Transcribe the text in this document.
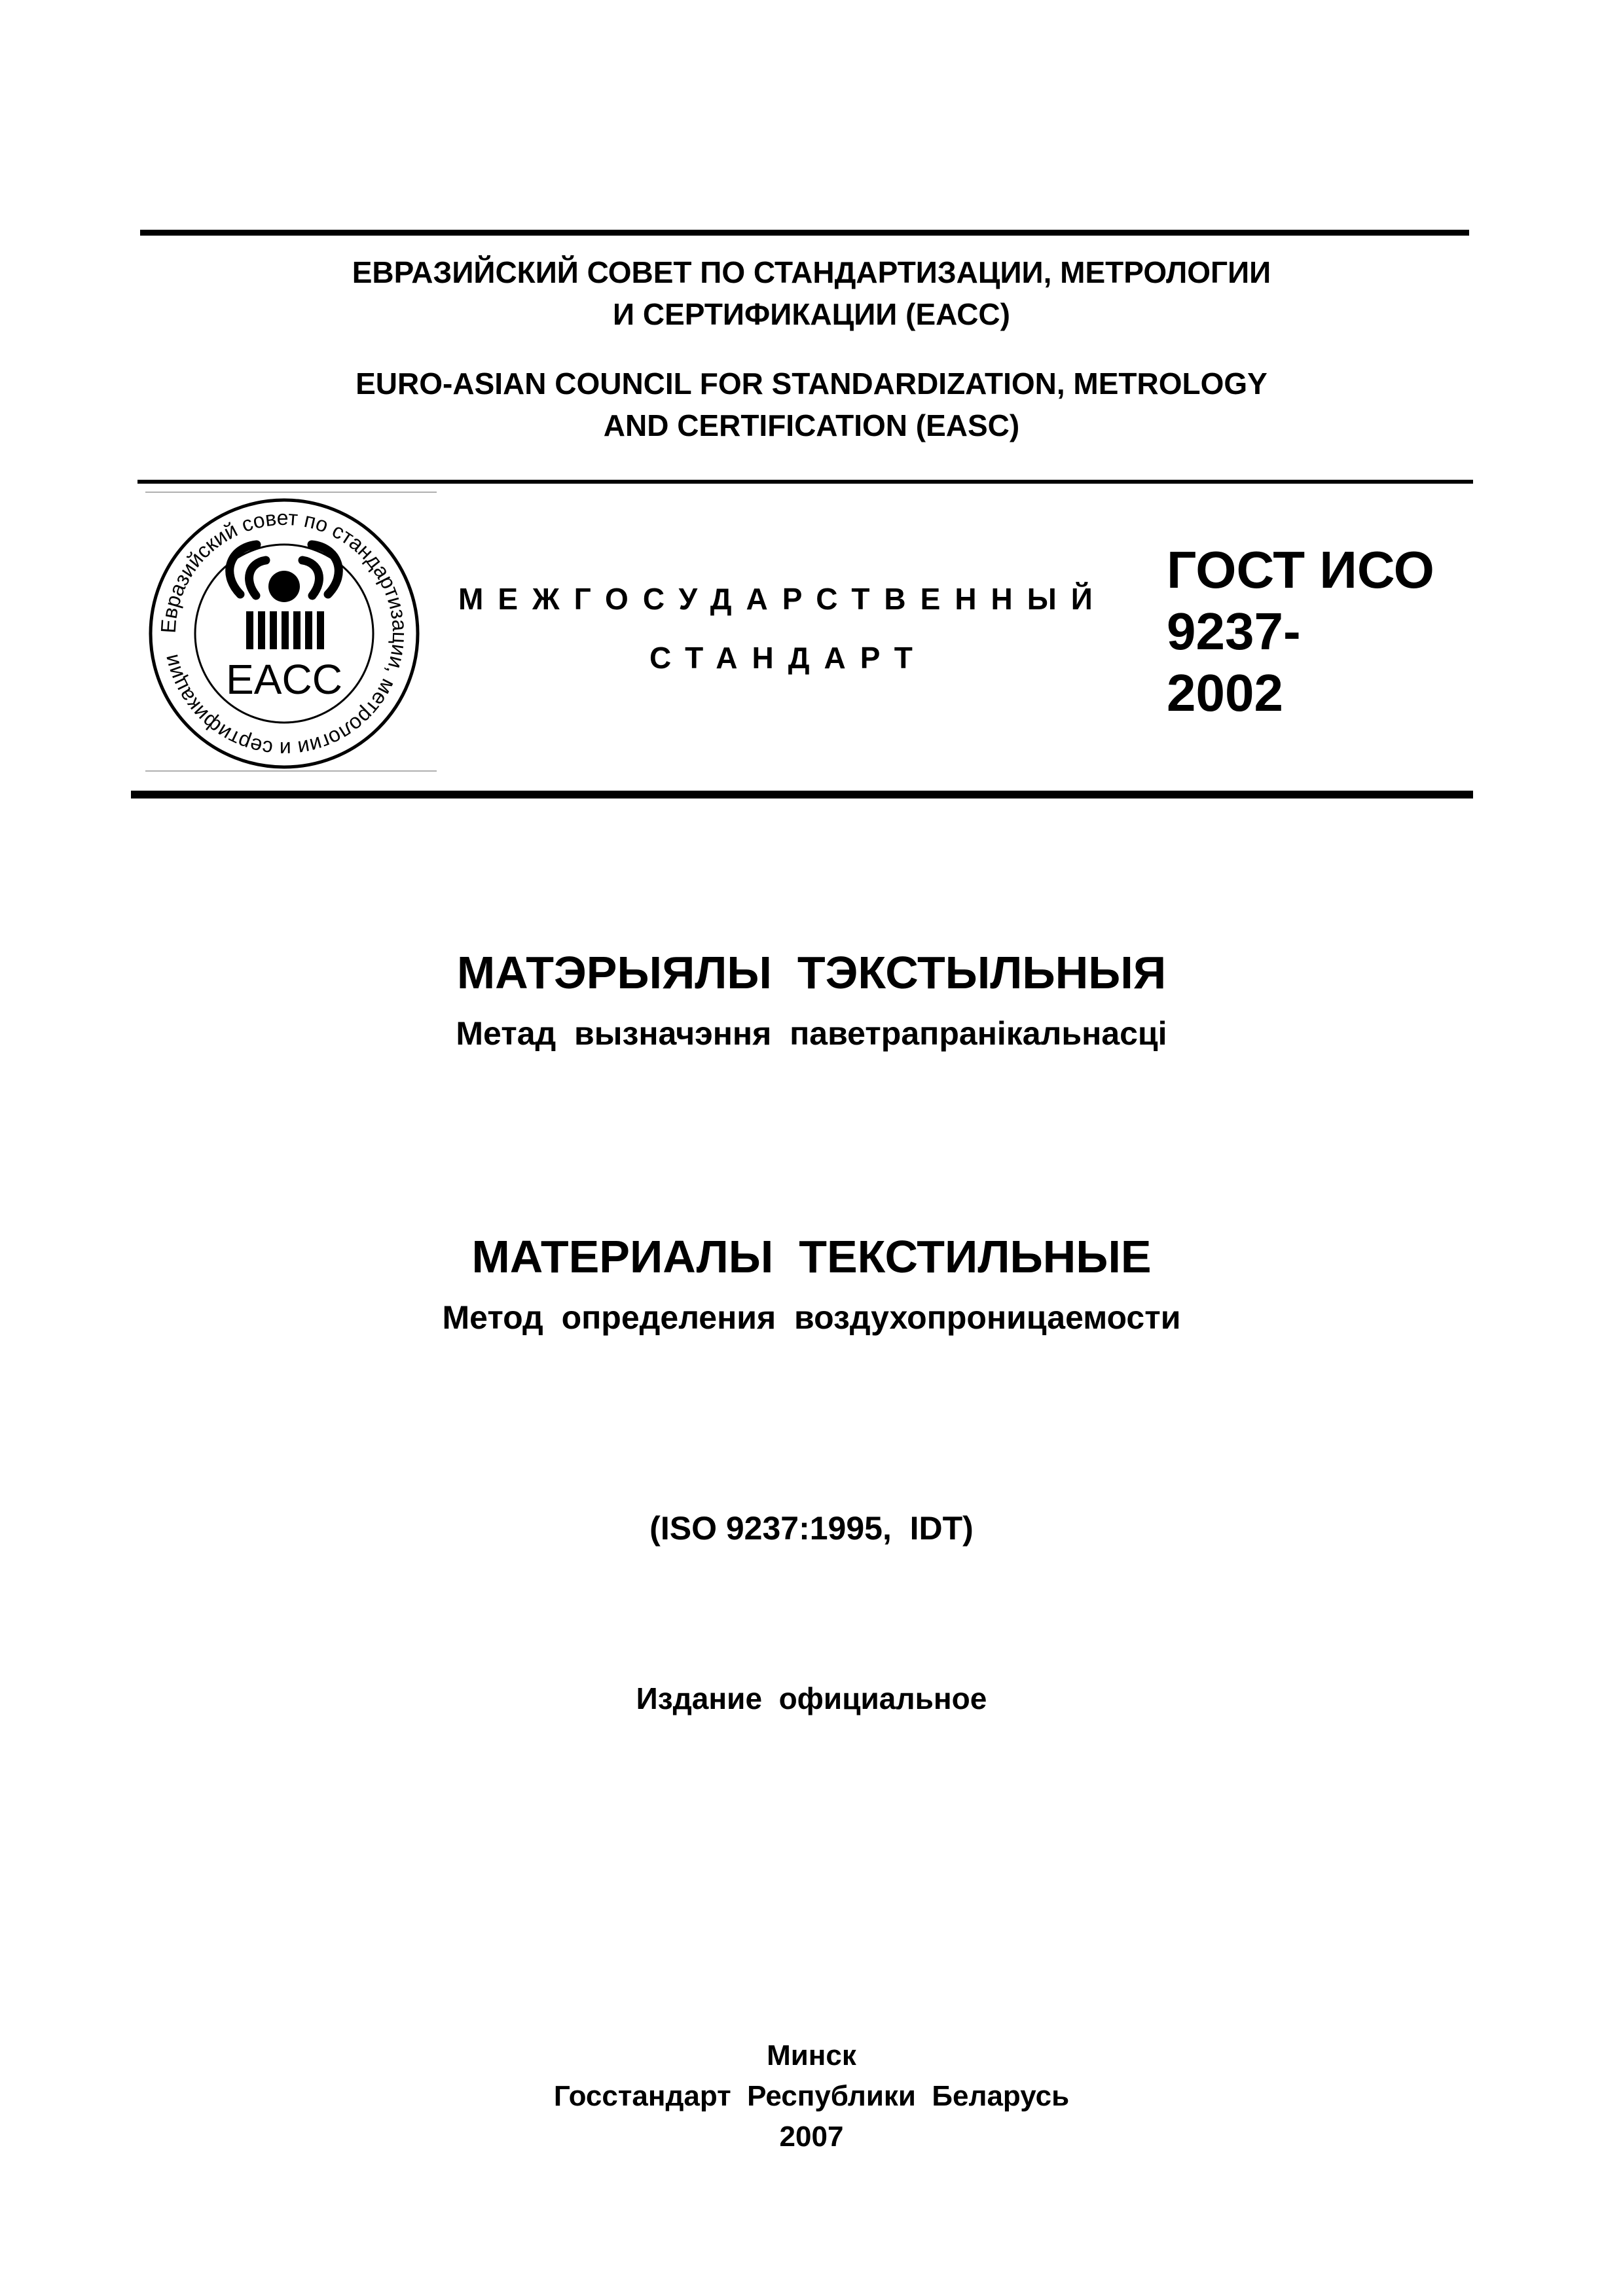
ЕВРАЗИЙСКИЙ СОВЕТ ПО СТАНДАРТИЗАЦИИ, МЕТРОЛОГИИ
И СЕРТИФИКАЦИИ (ЕАСС)
EURO-ASIAN COUNCIL FOR STANDARDIZATION, METROLOGY
AND CERTIFICATION (EASC)
Евразийский совет по стандартизации, метрологии и сертификации EACC
МЕЖГОСУДАРСТВЕННЫЙ
СТАНДАРТ
ГОСТ ИСО
9237-
2002
МАТЭРЫЯЛЫ  ТЭКСТЫЛЬНЫЯ
Метад  вызначэння  паветрапранікальнасці
МАТЕРИАЛЫ  ТЕКСТИЛЬНЫЕ
Метод  определения  воздухопроницаемости
(ISO 9237:1995,  IDT)
Издание  официальное
Минск
Госстандарт  Республики  Беларусь
2007
